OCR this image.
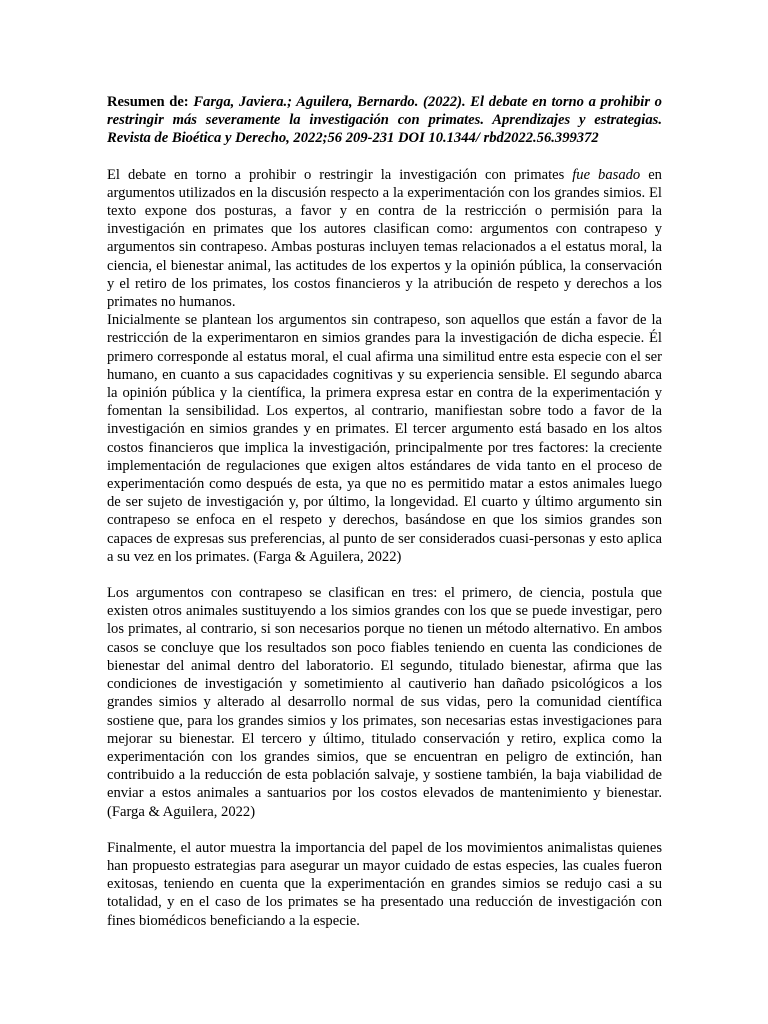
Resumen de: Farga, Javiera.; Aguilera, Bernardo. (2022). El debate en torno a prohibir o restringir más severamente la investigación con primates. Aprendizajes y estrategias. Revista de Bioética y Derecho, 2022;56 209-231 DOI 10.1344/ rbd2022.56.399372

El debate en torno a prohibir o restringir la investigación con primates fue basado en argumentos utilizados en la discusión respecto a la experimentación con los grandes simios. El texto expone dos posturas, a favor y en contra de la restricción o permisión para la investigación en primates que los autores clasifican como: argumentos con contrapeso y argumentos sin contrapeso. Ambas posturas incluyen temas relacionados a el estatus moral, la ciencia, el bienestar animal, las actitudes de los expertos y la opinión pública, la conservación y el retiro de los primates, los costos financieros y la atribución de respeto y derechos a los primates no humanos.

Inicialmente se plantean los argumentos sin contrapeso, son aquellos que están a favor de la restricción de la experimentaron en simios grandes para la investigación de dicha especie. Él primero corresponde al estatus moral, el cual afirma una similitud entre esta especie con el ser humano, en cuanto a sus capacidades cognitivas y su experiencia sensible. El segundo abarca la opinión pública y la científica, la primera expresa estar en contra de la experimentación y fomentan la sensibilidad. Los expertos, al contrario, manifiestan sobre todo a favor de la investigación en simios grandes y en primates. El tercer argumento está basado en los altos costos financieros que implica la investigación, principalmente por tres factores: la creciente implementación de regulaciones que exigen altos estándares de vida tanto en el proceso de experimentación como después de esta, ya que no es permitido matar a estos animales luego de ser sujeto de investigación y, por último, la longevidad. El cuarto y último argumento sin contrapeso se enfoca en el respeto y derechos, basándose en que los simios grandes son capaces de expresas sus preferencias, al punto de ser considerados cuasi-personas y esto aplica a su vez en los primates. (Farga & Aguilera, 2022)

Los argumentos con contrapeso se clasifican en tres: el primero, de ciencia, postula que existen otros animales sustituyendo a los simios grandes con los que se puede investigar, pero los primates, al contrario, si son necesarios porque no tienen un método alternativo. En ambos casos se concluye que los resultados son poco fiables teniendo en cuenta las condiciones de bienestar del animal dentro del laboratorio. El segundo, titulado bienestar, afirma que las condiciones de investigación y sometimiento al cautiverio han dañado psicológicos a los grandes simios y alterado al desarrollo normal de sus vidas, pero la comunidad científica sostiene que, para los grandes simios y los primates, son necesarias estas investigaciones para mejorar su bienestar. El tercero y último, titulado conservación y retiro, explica como la experimentación con los grandes simios, que se encuentran en peligro de extinción, han contribuido a la reducción de esta población salvaje, y sostiene también, la baja viabilidad de enviar a estos animales a santuarios por los costos elevados de mantenimiento y bienestar. (Farga & Aguilera, 2022)

Finalmente, el autor muestra la importancia del papel de los movimientos animalistas quienes han propuesto estrategias para asegurar un mayor cuidado de estas especies, las cuales fueron exitosas, teniendo en cuenta que la experimentación en grandes simios se redujo casi a su totalidad, y en el caso de los primates se ha presentado una reducción de investigación con fines biomédicos beneficiando a la especie.
